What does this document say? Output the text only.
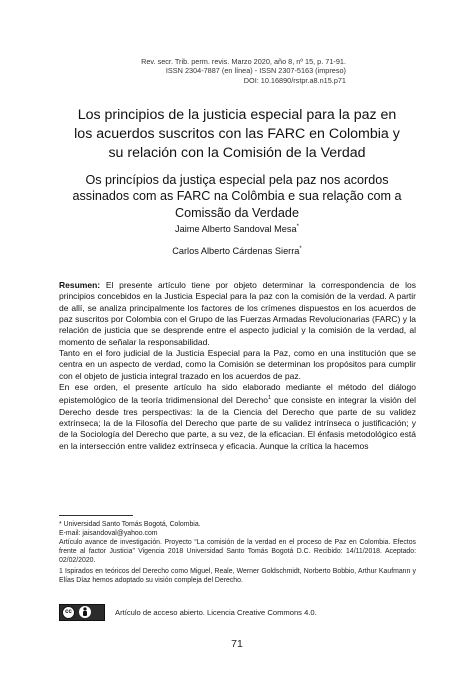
Rev. secr. Trib. perm. revis. Marzo 2020, año 8, nº 15, p. 71-91.
ISSN 2304-7887 (en línea) - ISSN 2307-5163 (impreso)
DOI: 10.16890/rstpr.a8.n15.p71
Los principios de la justicia especial para la paz en
los acuerdos suscritos con las FARC en Colombia y
su relación con la Comisión de la Verdad
Os princípios da justiça especial pela paz nos acordos
assinados com as FARC na Colômbia e sua relação com a
Comissão da Verdade
Jaime Alberto Sandoval Mesa*
Carlos Alberto Cárdenas Sierra*

Resumen: El presente artículo tiene por objeto determinar la correspondencia de los principios concebidos en la Justicia Especial para la paz con la comisión de la verdad. A partir de allí, se analiza principalmente los factores de los crímenes dispuestos en los acuerdos de paz suscritos por Colombia con el Grupo de las Fuerzas Armadas Revolucionarias (FARC) y la relación de justicia que se desprende entre el aspecto judicial y la comisión de la verdad, al momento de señalar la responsabilidad.

Tanto en el foro judicial de la Justicia Especial para la Paz, como en una institución que se centra en un aspecto de verdad, como la Comisión se determinan los propósitos para cumplir con el objeto de justicia integral trazado en los acuerdos de paz.

En ese orden, el presente artículo ha sido elaborado mediante el método del diálogo epistemológico de la teoría tridimensional del Derecho$^1$ que consiste en integrar la visión del Derecho desde tres perspectivas: la de la Ciencia del Derecho que parte de su validez extrínseca; la de la Filosofía del Derecho que parte de su validez intrínseca o justificación; y de la Sociología del Derecho que parte, a su vez, de la eficacian. El énfasis metodológico está en la intersección entre validez extrínseca y eficacia. Aunque la crítica la hacemos

* Universidad Santo Tomás Bogotá, Colombia.

E-mail: jaisandoval@yahoo.com

Artículo avance de investigación. Proyecto “La comisión de la verdad en el proceso de Paz en Colombia. Efectos frente al factor Justicia” Vigencia 2018 Universidad Santo Tomás Bogotá D.C. Recibido: 14/11/2018. Aceptado: 02/02/2020.

1 Ispirados en teóricos del Derecho como Miguel, Reale, Werner Goldschmidt, Norberto Bobbio, Arthur Kaufmann y Elías Díaz hemos adoptado su visión compleja del Derecho.

cc	Artículo de acceso abierto. Licencia Creative Commons 4.0.
71
